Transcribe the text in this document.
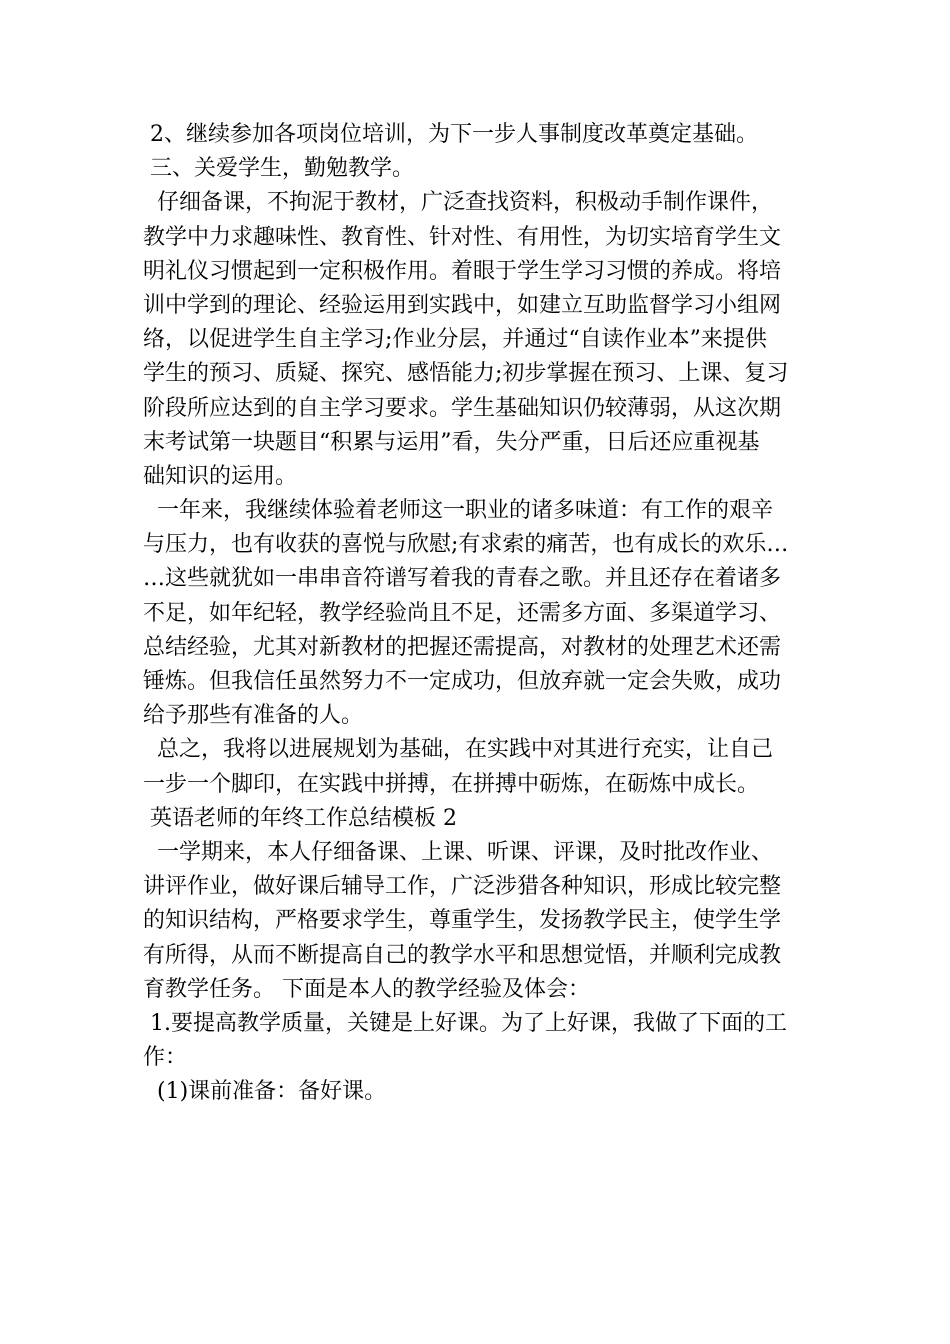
2、继续参加各项岗位培训，为下一步人事制度改革奠定基础。
三、关爱学生，勤勉教学。
仔细备课，不拘泥于教材，广泛查找资料，积极动手制作课件，
教学中力求趣味性、教育性、针对性、有用性，为切实培育学生文
明礼仪习惯起到一定积极作用。着眼于学生学习习惯的养成。将培
训中学到的理论、经验运用到实践中，如建立互助监督学习小组网
络，以促进学生自主学习;作业分层，并通过“自读作业本”来提供
学生的预习、质疑、探究、感悟能力;初步掌握在预习、上课、复习
阶段所应达到的自主学习要求。学生基础知识仍较薄弱，从这次期
末考试第一块题目“积累与运用”看，失分严重，日后还应重视基
础知识的运用。
一年来，我继续体验着老师这一职业的诸多味道：有工作的艰辛
与压力，也有收获的喜悦与欣慰;有求索的痛苦，也有成长的欢乐…
…这些就犹如一串串音符谱写着我的青春之歌。并且还存在着诸多
不足，如年纪轻，教学经验尚且不足，还需多方面、多渠道学习、
总结经验，尤其对新教材的把握还需提高，对教材的处理艺术还需
锤炼。但我信任虽然努力不一定成功，但放弃就一定会失败，成功
给予那些有准备的人。
总之，我将以进展规划为基础，在实践中对其进行充实，让自己
一步一个脚印，在实践中拼搏，在拼搏中砺炼，在砺炼中成长。
英语老师的年终工作总结模板 2
一学期来，本人仔细备课、上课、听课、评课，及时批改作业、
讲评作业，做好课后辅导工作，广泛涉猎各种知识，形成比较完整
的知识结构，严格要求学生，尊重学生，发扬教学民主，使学生学
有所得，从而不断提高自己的教学水平和思想觉悟，并顺利完成教
育教学任务。 下面是本人的教学经验及体会：
1.要提高教学质量，关键是上好课。为了上好课，我做了下面的工
作：
(1)课前准备：备好课。
